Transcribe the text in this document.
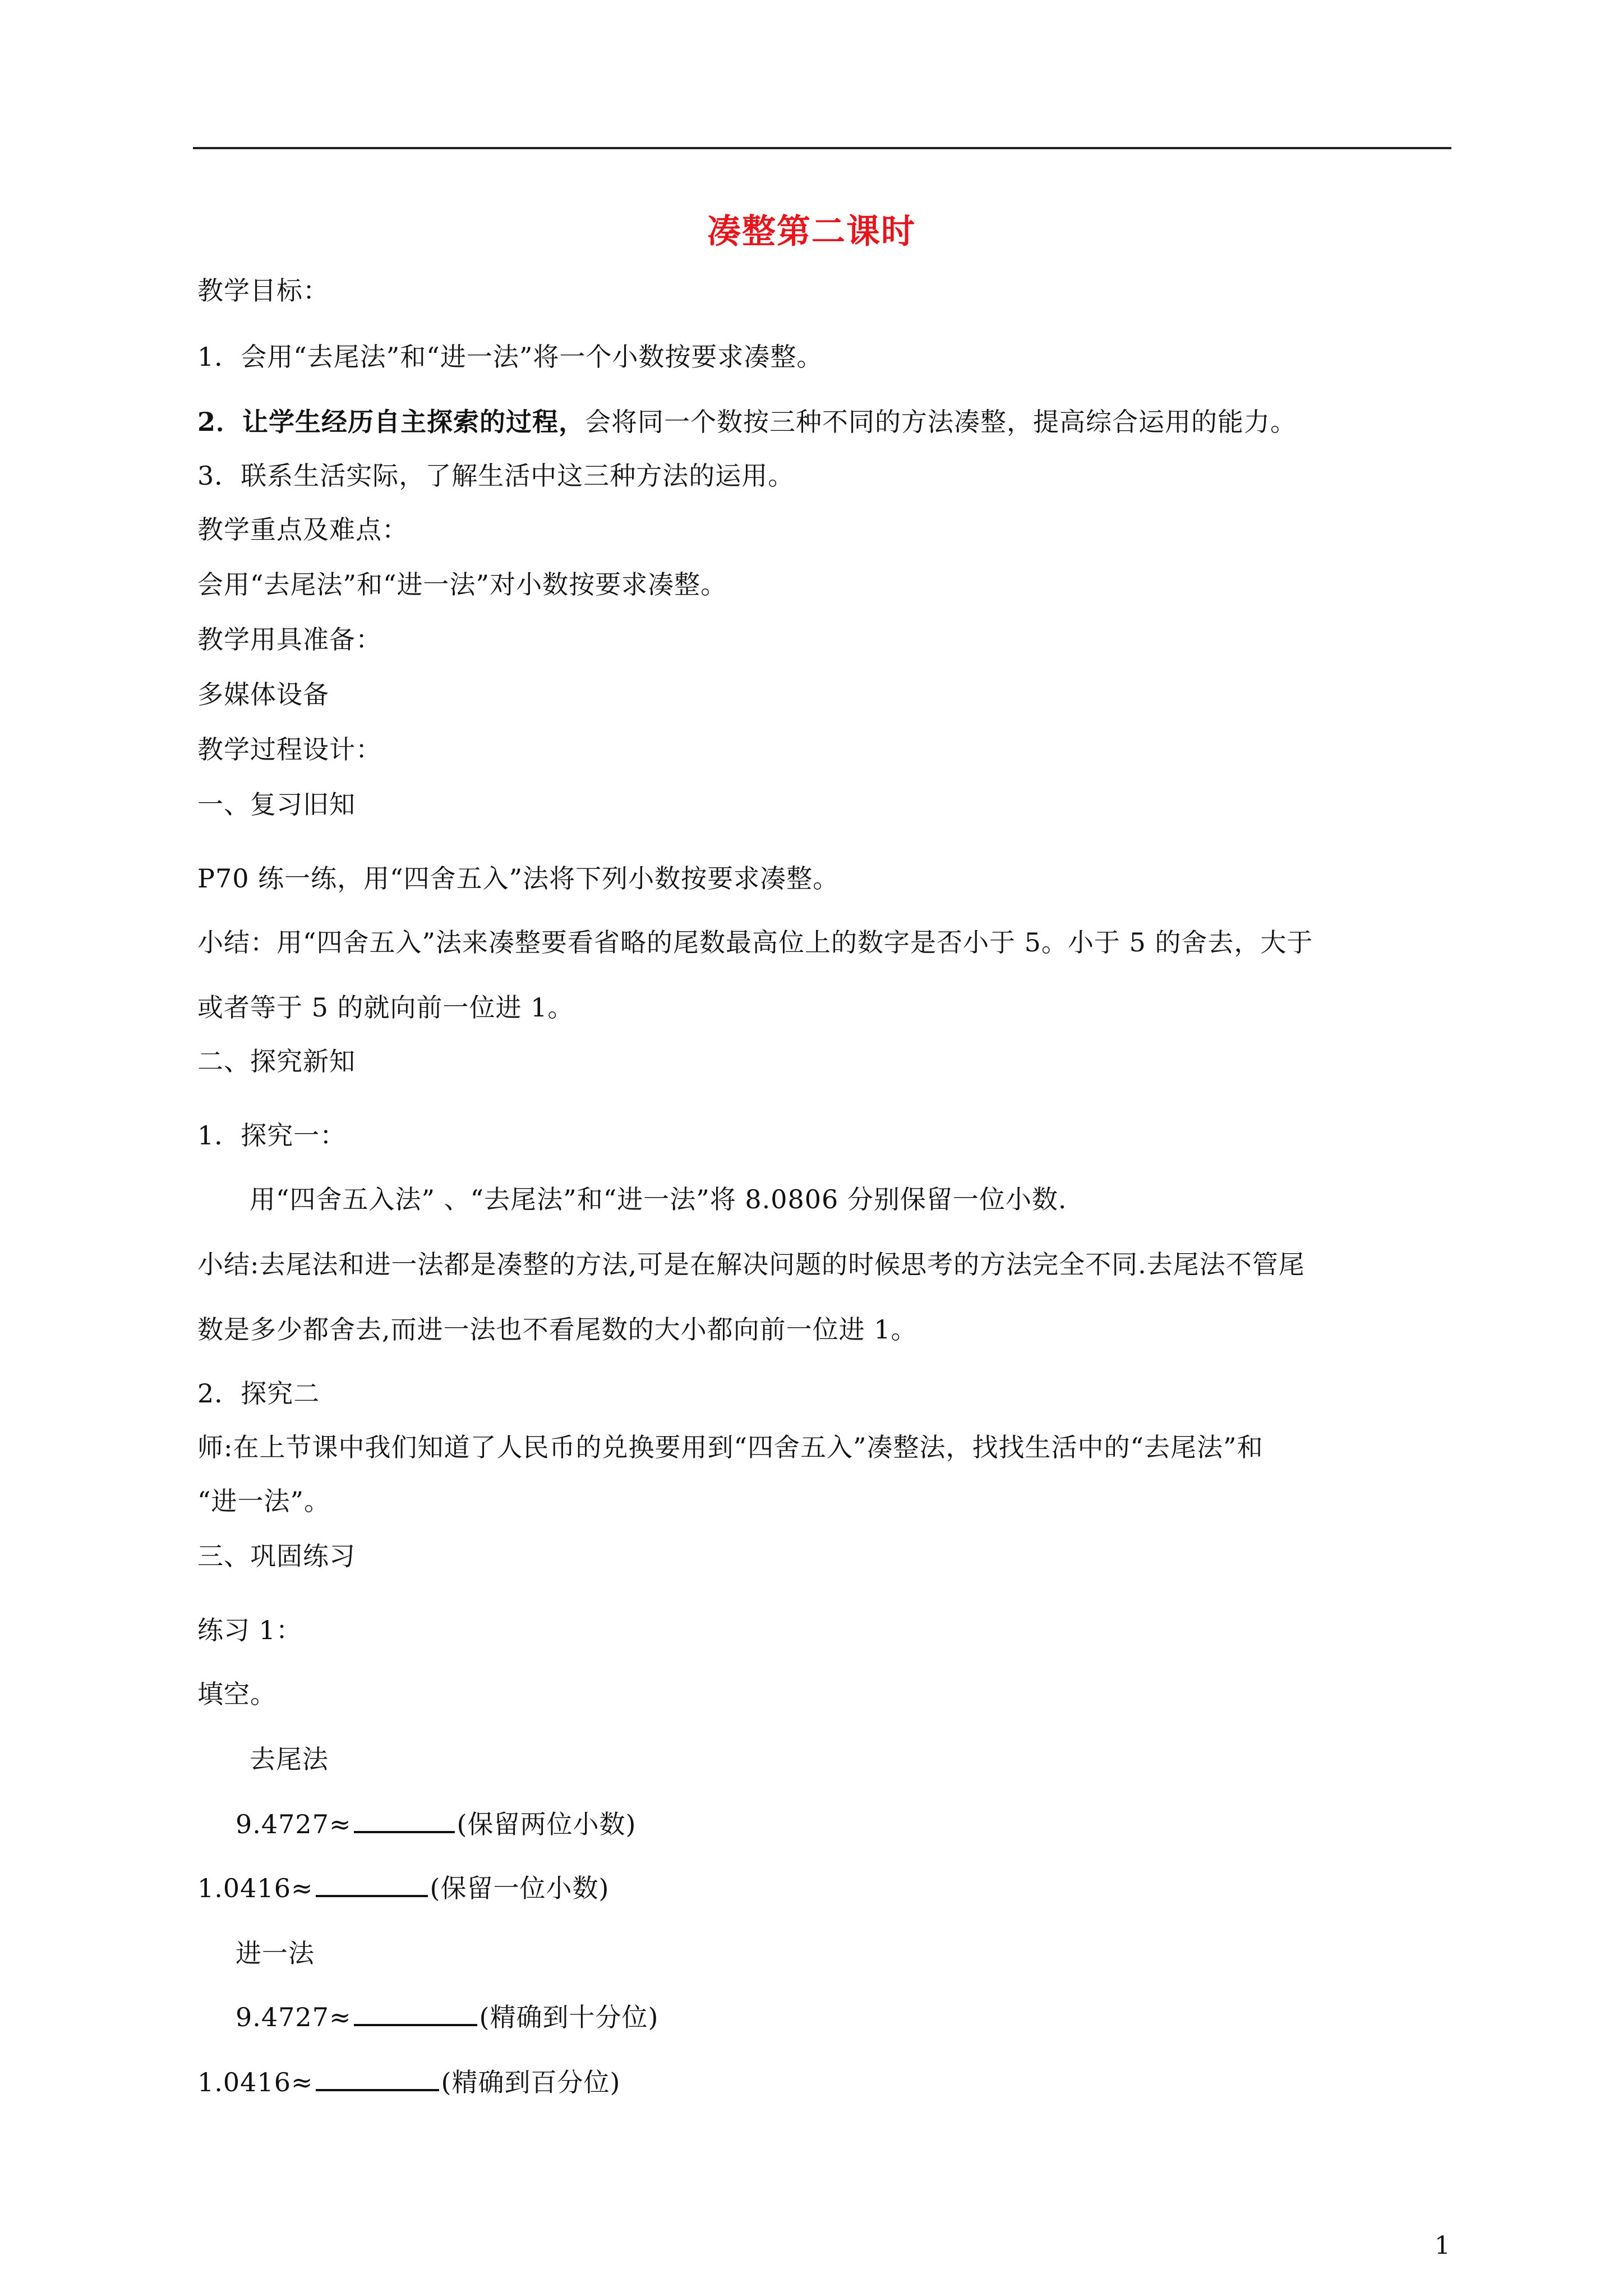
凑整第二课时
教学目标：
1．会用“去尾法”和“进一法”将一个小数按要求凑整。
2．让学生经历自主探索的过程，会将同一个数按三种不同的方法凑整，提高综合运用的能力。
3．联系生活实际，了解生活中这三种方法的运用。
教学重点及难点：
会用“去尾法”和“进一法”对小数按要求凑整。
教学用具准备：
多媒体设备
教学过程设计：
一、复习旧知
P70 练一练，用“四舍五入”法将下列小数按要求凑整。
小结：用“四舍五入”法来凑整要看省略的尾数最高位上的数字是否小于 5。小于 5 的舍去，大于
或者等于 5 的就向前一位进 1。
二、探究新知
1．探究一：
用“四舍五入法” 、“去尾法”和“进一法”将 8.0806 分别保留一位小数.
小结:去尾法和进一法都是凑整的方法,可是在解决问题的时候思考的方法完全不同.去尾法不管尾
数是多少都舍去,而进一法也不看尾数的大小都向前一位进 1。
2．探究二
师:在上节课中我们知道了人民币的兑换要用到“四舍五入”凑整法，找找生活中的“去尾法”和
“进一法”。
三、巩固练习
练习 1：
填空。
去尾法
9.4727≈	(保留两位小数)
1.0416≈	(保留一位小数)
进一法
9.4727≈	(精确到十分位)
1.0416≈	(精确到百分位)
1
